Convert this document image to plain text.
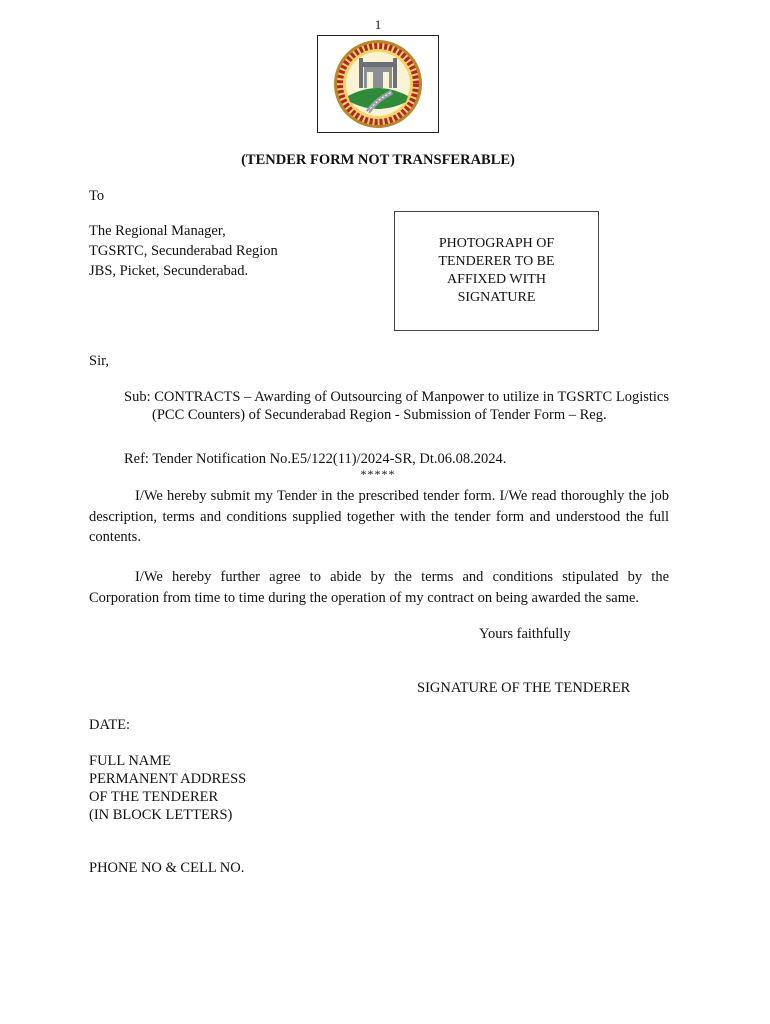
1
(TENDER FORM NOT TRANSFERABLE)
To
The Regional Manager,
TGSRTC, Secunderabad Region
JBS, Picket, Secunderabad.
PHOTOGRAPH OF
TENDERER TO BE
AFFIXED WITH
SIGNATURE
Sir,
Sub: CONTRACTS – Awarding of Outsourcing of Manpower to utilize in TGSRTC Logistics (PCC Counters) of Secunderabad Region - Submission of Tender Form – Reg.
Ref: Tender Notification No.E5/122(11)/2024-SR, Dt.06.08.2024.
*****
I/We hereby submit my Tender in the prescribed tender form. I/We read thoroughly the job description, terms and conditions supplied together with the tender form and understood the full contents.
I/We hereby further agree to abide by the terms and conditions stipulated by the Corporation from time to time during the operation of my contract on being awarded the same.
Yours faithfully
SIGNATURE OF THE TENDERER
DATE:
FULL NAME
PERMANENT ADDRESS
OF THE TENDERER
(IN BLOCK LETTERS)
PHONE NO & CELL NO.
